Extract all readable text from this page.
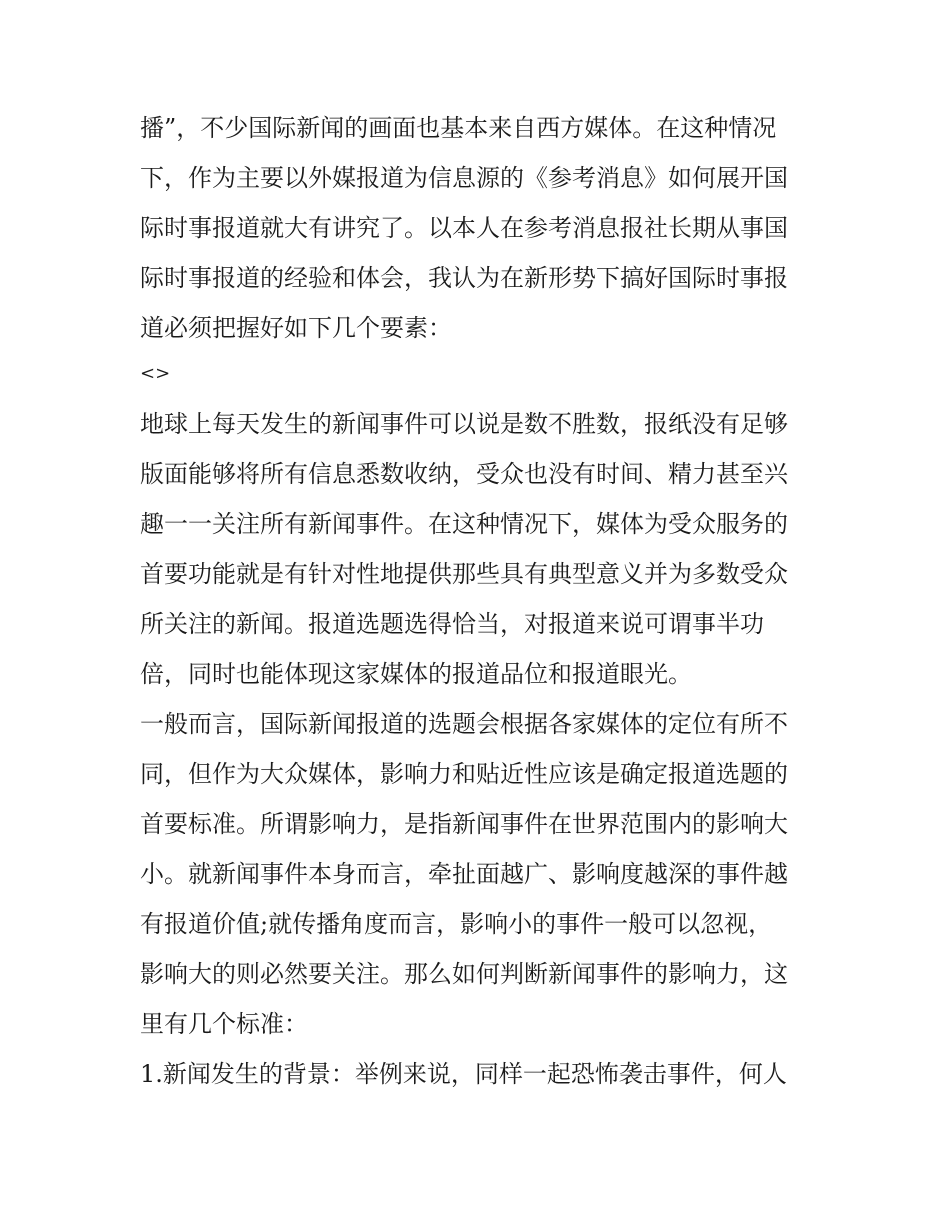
播”，不少国际新闻的画面也基本来自西方媒体。在这种情况
下，作为主要以外媒报道为信息源的《参考消息》如何展开国
际时事报道就大有讲究了。以本人在参考消息报社长期从事国
际时事报道的经验和体会，我认为在新形势下搞好国际时事报
道必须把握好如下几个要素：
<>
地球上每天发生的新闻事件可以说是数不胜数，报纸没有足够
版面能够将所有信息悉数收纳，受众也没有时间、精力甚至兴
趣一一关注所有新闻事件。在这种情况下，媒体为受众服务的
首要功能就是有针对性地提供那些具有典型意义并为多数受众
所关注的新闻。报道选题选得恰当，对报道来说可谓事半功
倍，同时也能体现这家媒体的报道品位和报道眼光。
一般而言，国际新闻报道的选题会根据各家媒体的定位有所不
同，但作为大众媒体，影响力和贴近性应该是确定报道选题的
首要标准。所谓影响力，是指新闻事件在世界范围内的影响大
小。就新闻事件本身而言，牵扯面越广、影响度越深的事件越
有报道价值;就传播角度而言，影响小的事件一般可以忽视，
影响大的则必然要关注。那么如何判断新闻事件的影响力，这
里有几个标准：
1.新闻发生的背景：举例来说，同样一起恐怖袭击事件，何人
